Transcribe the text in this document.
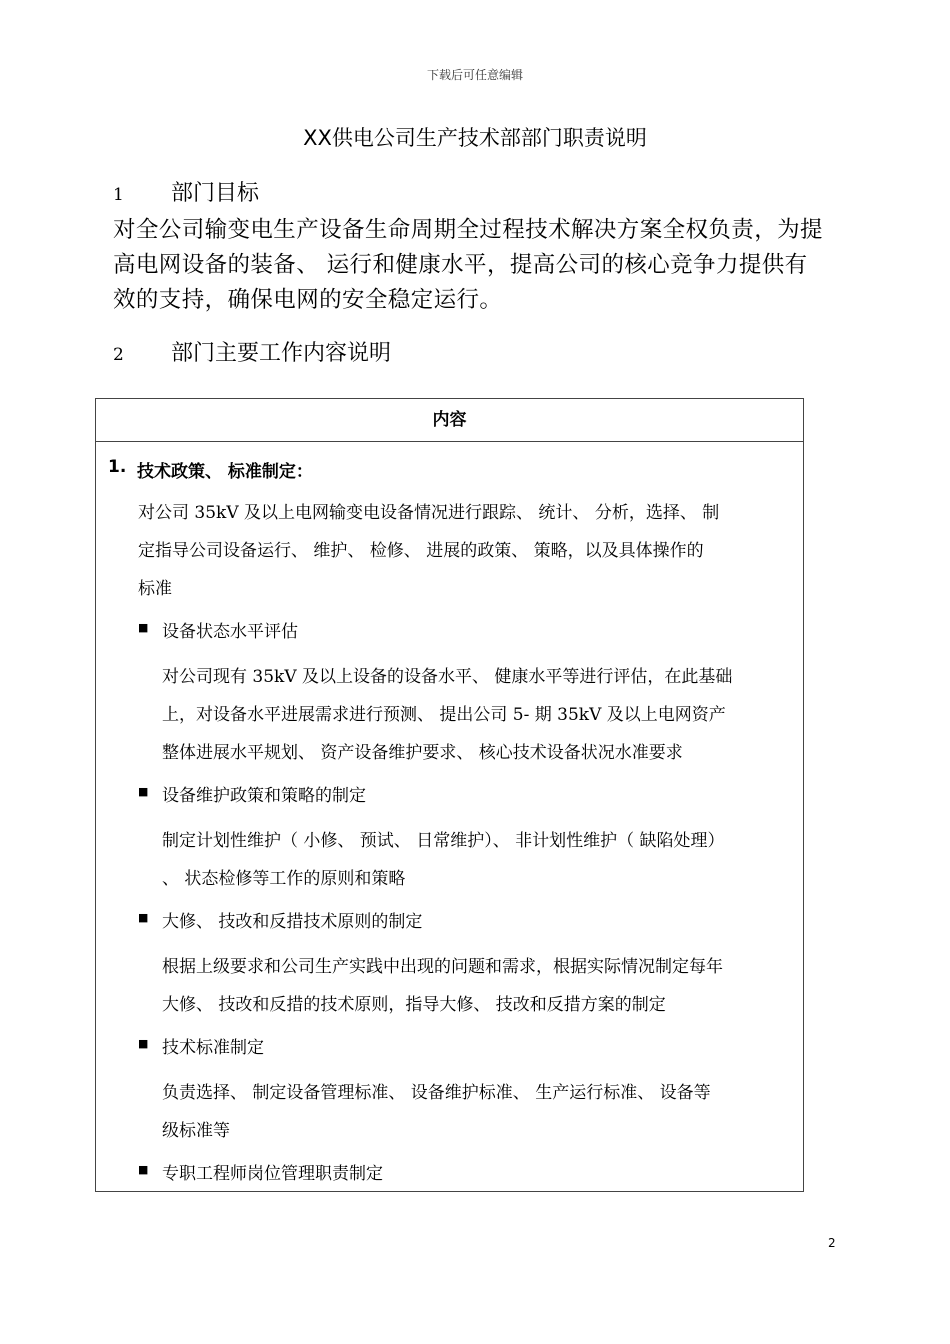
下载后可任意编辑
XX供电公司生产技术部部门职责说明
1 部门目标
对全公司输变电生产设备生命周期全过程技术解决方案全权负责，为提
高电网设备的装备、 运行和健康水平，提高公司的核心竞争力提供有
效的支持，确保电网的安全稳定运行。
2 部门主要工作内容说明
内容
1. 技术政策、 标准制定：
对公司 35kV 及以上电网输变电设备情况进行跟踪、 统计、 分析，选择、 制
定指导公司设备运行、 维护、 检修、 进展的政策、 策略，以及具体操作的
标准
■ 设备状态水平评估
对公司现有 35kV 及以上设备的设备水平、 健康水平等进行评估，在此基础
上，对设备水平进展需求进行预测、 提出公司 5- 期 35kV 及以上电网资产
整体进展水平规划、 资产设备维护要求、 核心技术设备状况水准要求
■ 设备维护政策和策略的制定
制定计划性维护（ 小修、 预试、 日常维护）、 非计划性维护（ 缺陷处理）
、 状态检修等工作的原则和策略
■ 大修、 技改和反措技术原则的制定
根据上级要求和公司生产实践中出现的问题和需求，根据实际情况制定每年
大修、 技改和反措的技术原则，指导大修、 技改和反措方案的制定
■ 技术标准制定
负责选择、 制定设备管理标准、 设备维护标准、 生产运行标准、 设备等
级标准等
■ 专职工程师岗位管理职责制定
2
